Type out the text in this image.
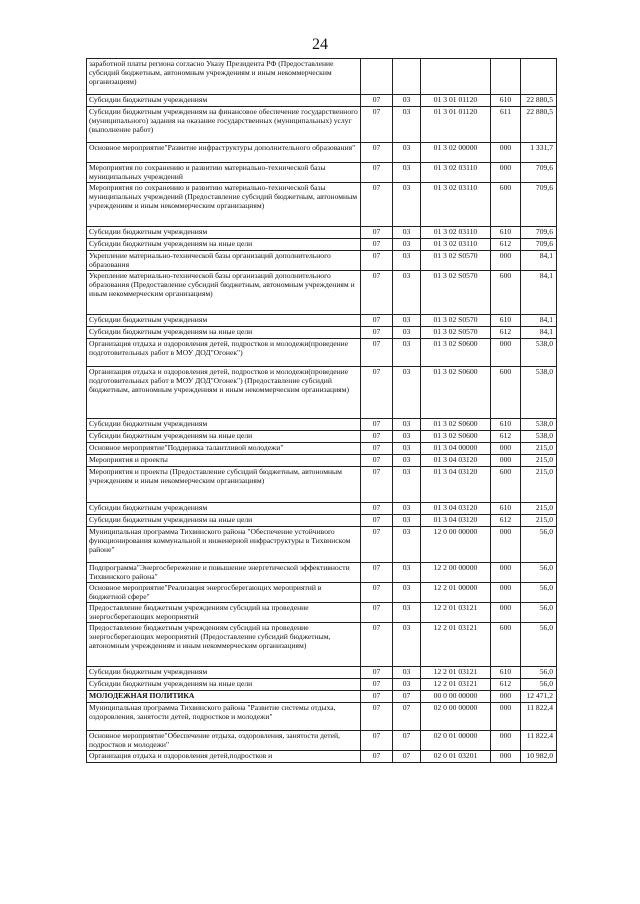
24
заработной платы региона согласно Указу Президента РФ (Предоставление субсидий бюджетным, автономным учреждениям и иным некоммерческим организациям)					
Субсидии бюджетным учреждениям	07	03	01 3 01 01120	610	22 880,5
Субсидии бюджетным учреждениям на финансовое обеспечение государственного (муниципального) задания на оказание государственных (муниципальных) услуг (выполнение работ)	07	03	01 3 01 01120	611	22 880,5
Основное мероприятие"Развитие инфраструктуры дополнительного образования"	07	03	01 3 02 00000	000	1 331,7
Мероприятия по сохранению и развитию материально-технической базы муниципальных учреждений	07	03	01 3 02 03110	000	709,6
Мероприятия по сохранению и развитию материально-технической базы муниципальных учреждений (Предоставление субсидий бюджетным, автономным учреждениям и иным некоммерческим организациям)	07	03	01 3 02 03110	600	709,6
Субсидии бюджетным учреждениям	07	03	01 3 02 03110	610	709,6
Субсидии бюджетным учреждениям на иные цели	07	03	01 3 02 03110	612	709,6
Укрепление материально-технической базы организаций дополнительного образования	07	03	01 3 02 S0570	000	84,1
Укрепление материально-технической базы организаций дополнительного образования (Предоставление субсидий бюджетным, автономным учреждениям и иным некоммерческим организациям)	07	03	01 3 02 S0570	600	84,1
Субсидии бюджетным учреждениям	07	03	01 3 02 S0570	610	84,1
Субсидии бюджетным учреждениям на иные цели	07	03	01 3 02 S0570	612	84,1
Организация отдыха и оздоровления детей, подростков и молодежи(проведение подготовительных работ в МОУ ДОД"Огонек")	07	03	01 3 02 S0600	000	538,0
Организация отдыха и оздоровления детей, подростков и молодежи(проведение подготовительных работ в МОУ ДОД"Огонек") (Предоставление субсидий бюджетным, автономным учреждениям и иным некоммерческим организациям)	07	03	01 3 02 S0600	600	538,0
Субсидии бюджетным учреждениям	07	03	01 3 02 S0600	610	538,0
Субсидии бюджетным учреждениям на иные цели	07	03	01 3 02 S0600	612	538,0
Основное мероприятие"Поддержка талантливой молодежи"	07	03	01 3 04 00000	000	215,0
Мероприятия и проекты	07	03	01 3 04 03120	000	215,0
Мероприятия и проекты (Предоставление субсидий бюджетным, автономным учреждениям и иным некоммерческим организациям)	07	03	01 3 04 03120	600	215,0
Субсидии бюджетным учреждениям	07	03	01 3 04 03120	610	215,0
Субсидии бюджетным учреждениям на иные цели	07	03	01 3 04 03120	612	215,0
Муниципальная программа Тихвинского района "Обеспечение устойчивого функционирования коммунальной и инженерной инфраструктуры в Тихвинском районе"	07	03	12 0 00 00000	000	56,0
Подпрограмма"Энергосбережение и повышение энергетической эффективности Тихвинского района"	07	03	12 2 00 00000	000	56,0
Основное мероприятие"Реализация энергосберегающих мероприятий в бюджетной сфере"	07	03	12 2 01 00000	000	56,0
Предоставление бюджетным учреждениям субсидий на проведение энергосберегающих мероприятий	07	03	12 2 01 03121	000	56,0
Предоставление бюджетным учреждениям субсидий на проведение энергосберегающих мероприятий (Предоставление субсидий бюджетным, автономным учреждениям и иным некоммерческим организациям)	07	03	12 2 01 03121	600	56,0
Субсидии бюджетным учреждениям	07	03	12 2 01 03121	610	56,0
Субсидии бюджетным учреждениям на иные цели	07	03	12 2 01 03121	612	56,0
МОЛОДЕЖНАЯ ПОЛИТИКА	07	07	00 0 00 00000	000	12 471,2
Муниципальная программа Тихвинского района "Развитие системы отдыха, оздоровления, занятости детей, подростков и молодежи"	07	07	02 0 00 00000	000	11 822,4
Основное мероприятие"Обеспечение отдыха, оздоровления, занятости детей, подростков и молодежи"	07	07	02 0 01 00000	000	11 822,4
Организация отдыха и оздоровления детей,подростков и	07	07	02 0 01 03201	000	10 982,0
